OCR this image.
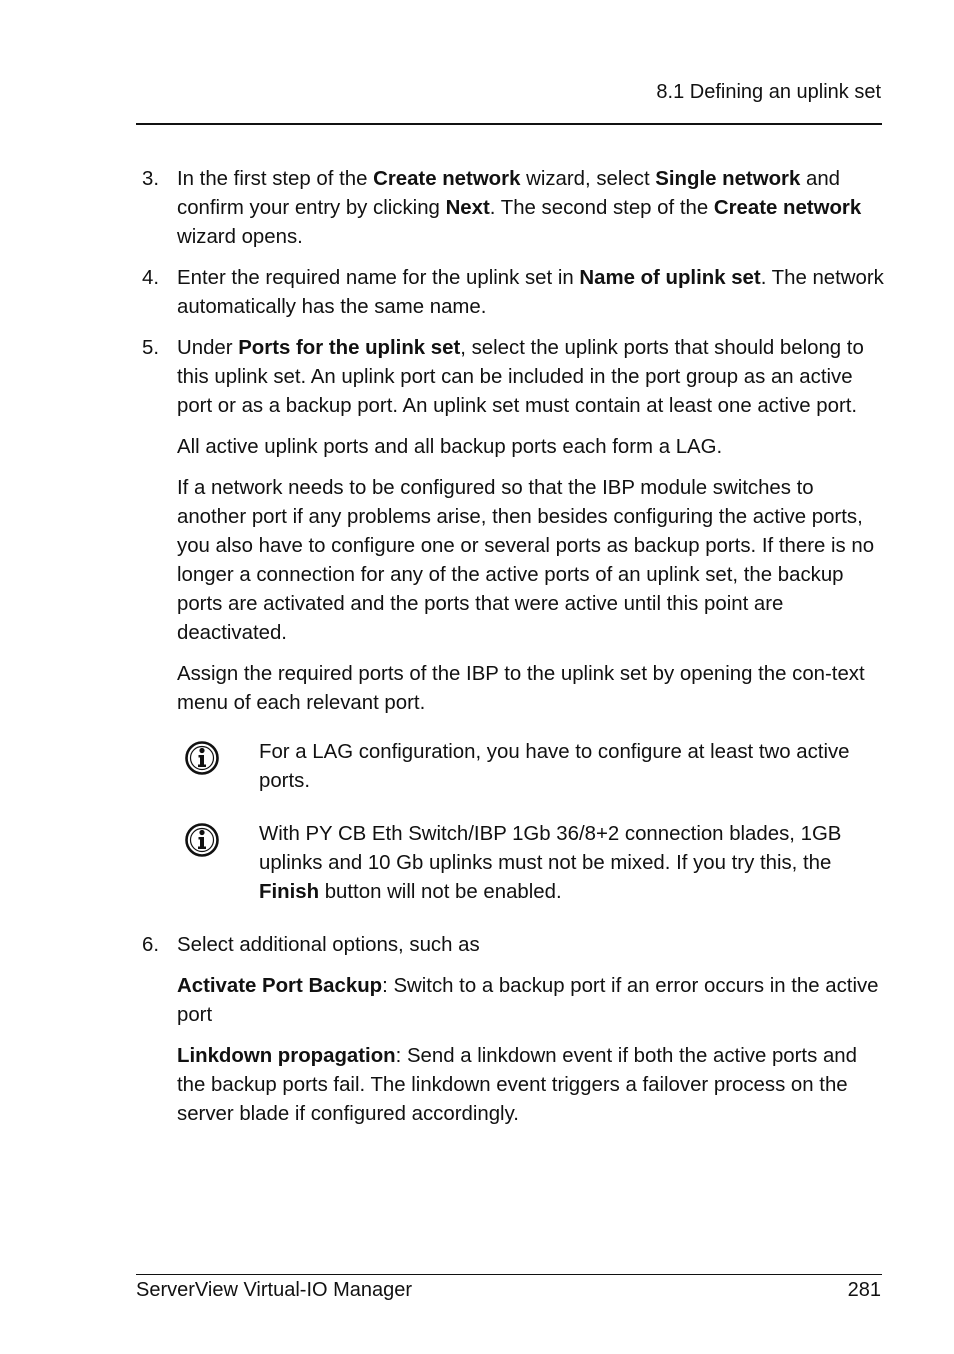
8.1 Defining an uplink set
3. In the first step of the Create network wizard, select Single network and confirm your entry by clicking Next. The second step of the Create network wizard opens.
4. Enter the required name for the uplink set in Name of uplink set. The network automatically has the same name.
5. Under Ports for the uplink set, select the uplink ports that should belong to this uplink set. An uplink port can be included in the port group as an active port or as a backup port. An uplink set must contain at least one active port.

All active uplink ports and all backup ports each form a LAG.

If a network needs to be configured so that the IBP module switches to another port if any problems arise, then besides configuring the active ports, you also have to configure one or several ports as backup ports. If there is no longer a connection for any of the active ports of an uplink set, the backup ports are activated and the ports that were active until this point are deactivated.

Assign the required ports of the IBP to the uplink set by opening the con-text menu of each relevant port.

For a LAG configuration, you have to configure at least two active ports.
With PY CB Eth Switch/IBP 1Gb 36/8+2 connection blades, 1GB uplinks and 10 Gb uplinks must not be mixed. If you try this, the Finish button will not be enabled.
6. Select additional options, such as

Activate Port Backup: Switch to a backup port if an error occurs in the active port

Linkdown propagation: Send a linkdown event if both the active ports and the backup ports fail. The linkdown event triggers a failover process on the server blade if configured accordingly.

ServerView Virtual-IO Manager	281
